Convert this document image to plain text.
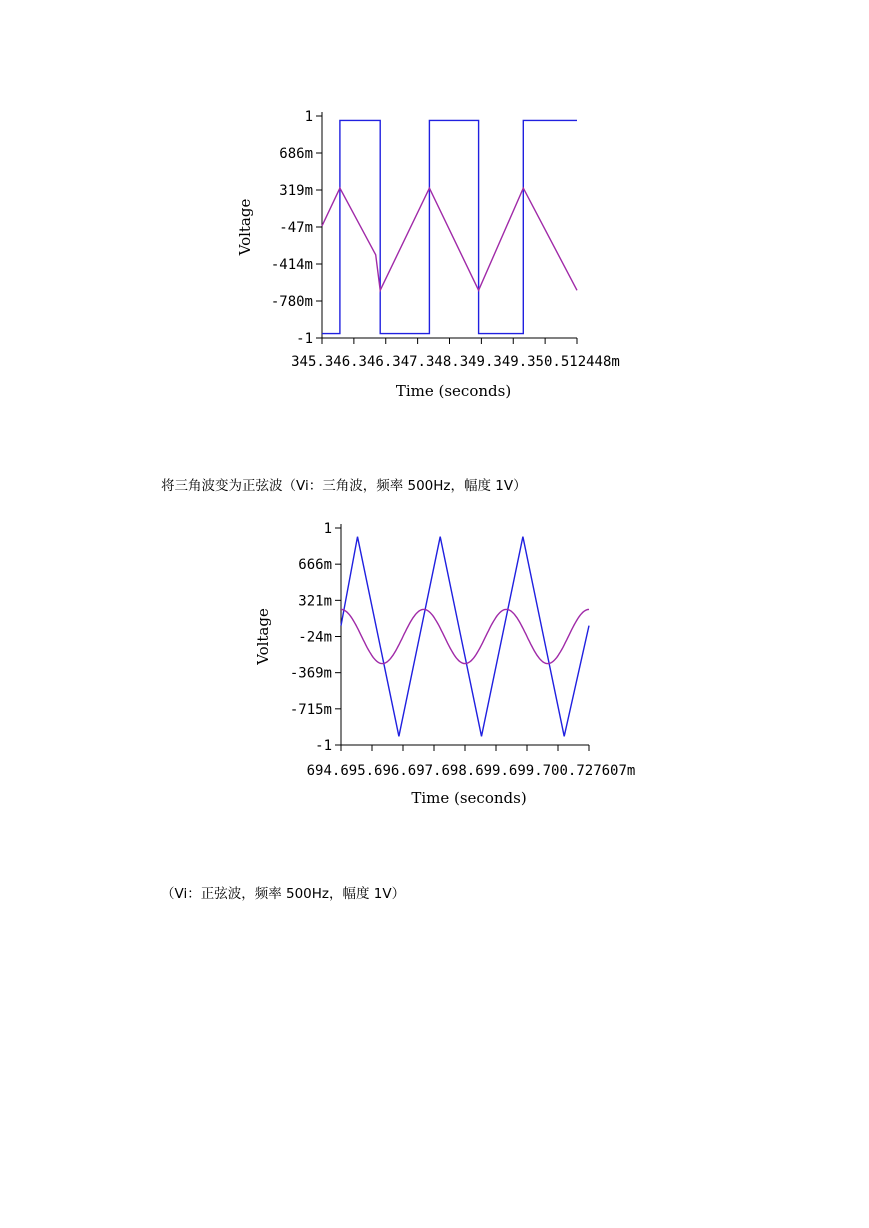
将三角波变为正弦波（Vi：三角波，频率 500Hz，幅度 1V）
（Vi：正弦波，频率 500Hz，幅度 1V）
1
686m
319m
-47m
-414m
-780m
-1
345.346.346.347.348.349.349.350.512448m
Time (seconds)
Voltage
1
666m
321m
-24m
-369m
-715m
-1
694.695.696.697.698.699.699.700.727607m
Time (seconds)
Voltage
